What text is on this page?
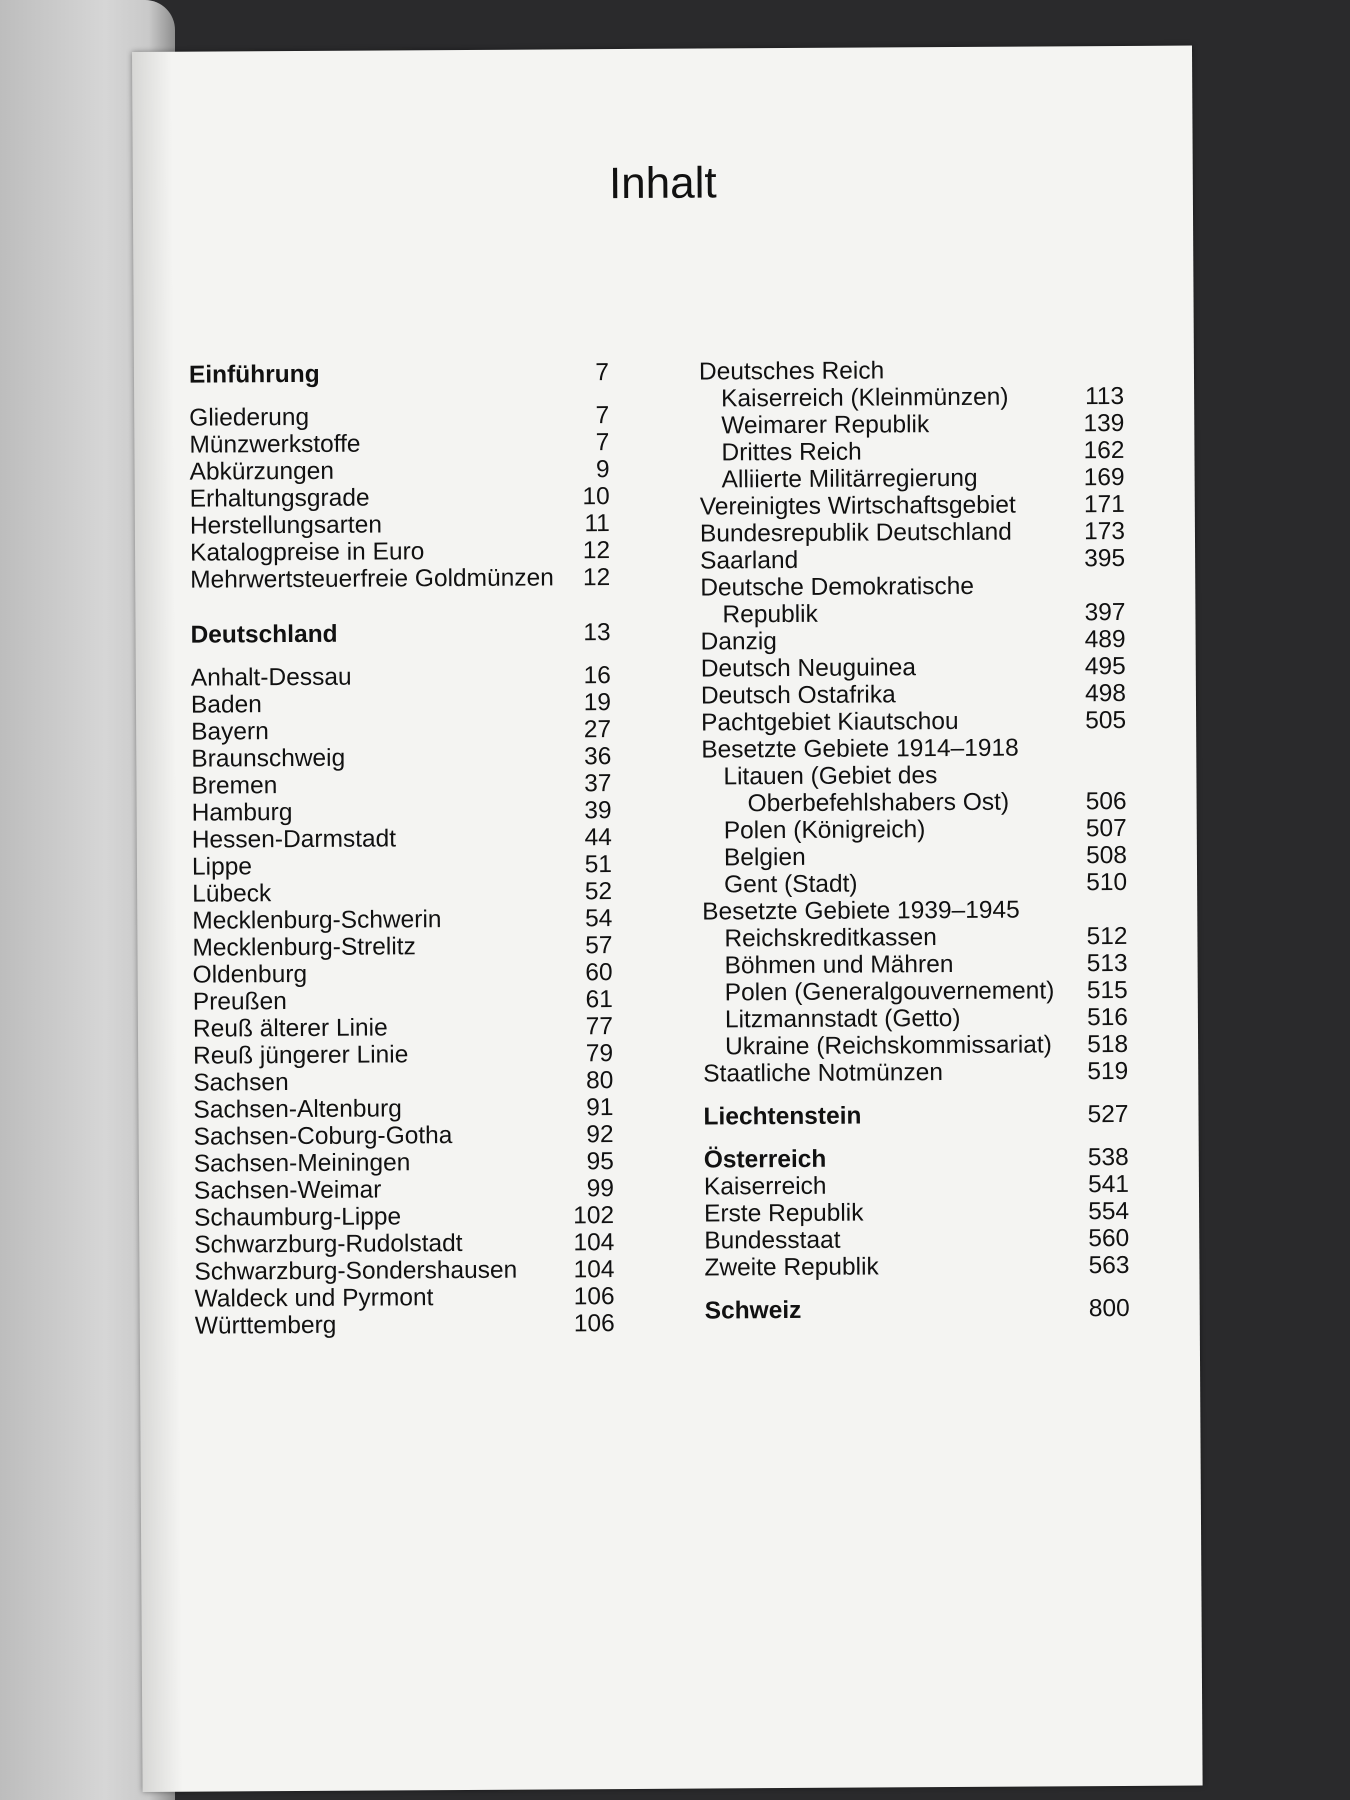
Inhalt
Einführung	7
Gliederung	7
Münzwerkstoffe	7
Abkürzungen	9
Erhaltungsgrade	10
Herstellungsarten	11
Katalogpreise in Euro	12
Mehrwertsteuerfreie Goldmünzen 12
Deutschland	13
Anhalt-Dessau	16
Baden	19
Bayern	27
Braunschweig	36
Bremen	37
Hamburg	39
Hessen-Darmstadt	44
Lippe	51
Lübeck	52
Mecklenburg-Schwerin	54
Mecklenburg-Strelitz	57
Oldenburg	60
Preußen	61
Reuß älterer Linie	77
Reuß jüngerer Linie	79
Sachsen	80
Sachsen-Altenburg	91
Sachsen-Coburg-Gotha	92
Sachsen-Meiningen	95
Sachsen-Weimar	99
Schaumburg-Lippe	102
Schwarzburg-Rudolstadt	104
Schwarzburg-Sondershausen 104
Waldeck und Pyrmont	106
Württemberg	106
Deutsches Reich
Kaiserreich (Kleinmünzen)	113
Weimarer Republik	139
Drittes Reich	162
Alliierte Militärregierung	169
Vereinigtes Wirtschaftsgebiet	171
Bundesrepublik Deutschland	173
Saarland	395
Deutsche Demokratische
Republik	397
Danzig	489
Deutsch Neuguinea	495
Deutsch Ostafrika	498
Pachtgebiet Kiautschou	505
Besetzte Gebiete 1914–1918
Litauen (Gebiet des
Oberbefehlshabers Ost)	506
Polen (Königreich)	507
Belgien	508
Gent (Stadt)	510
Besetzte Gebiete 1939–1945
Reichskreditkassen	512
Böhmen und Mähren	513
Polen (Generalgouvernement) 515
Litzmannstadt (Getto)	516
Ukraine (Reichskommissariat) 518
Staatliche Notmünzen	519
Liechtenstein	527
Österreich	538
Kaiserreich	541
Erste Republik	554
Bundesstaat	560
Zweite Republik	563
Schweiz	800
